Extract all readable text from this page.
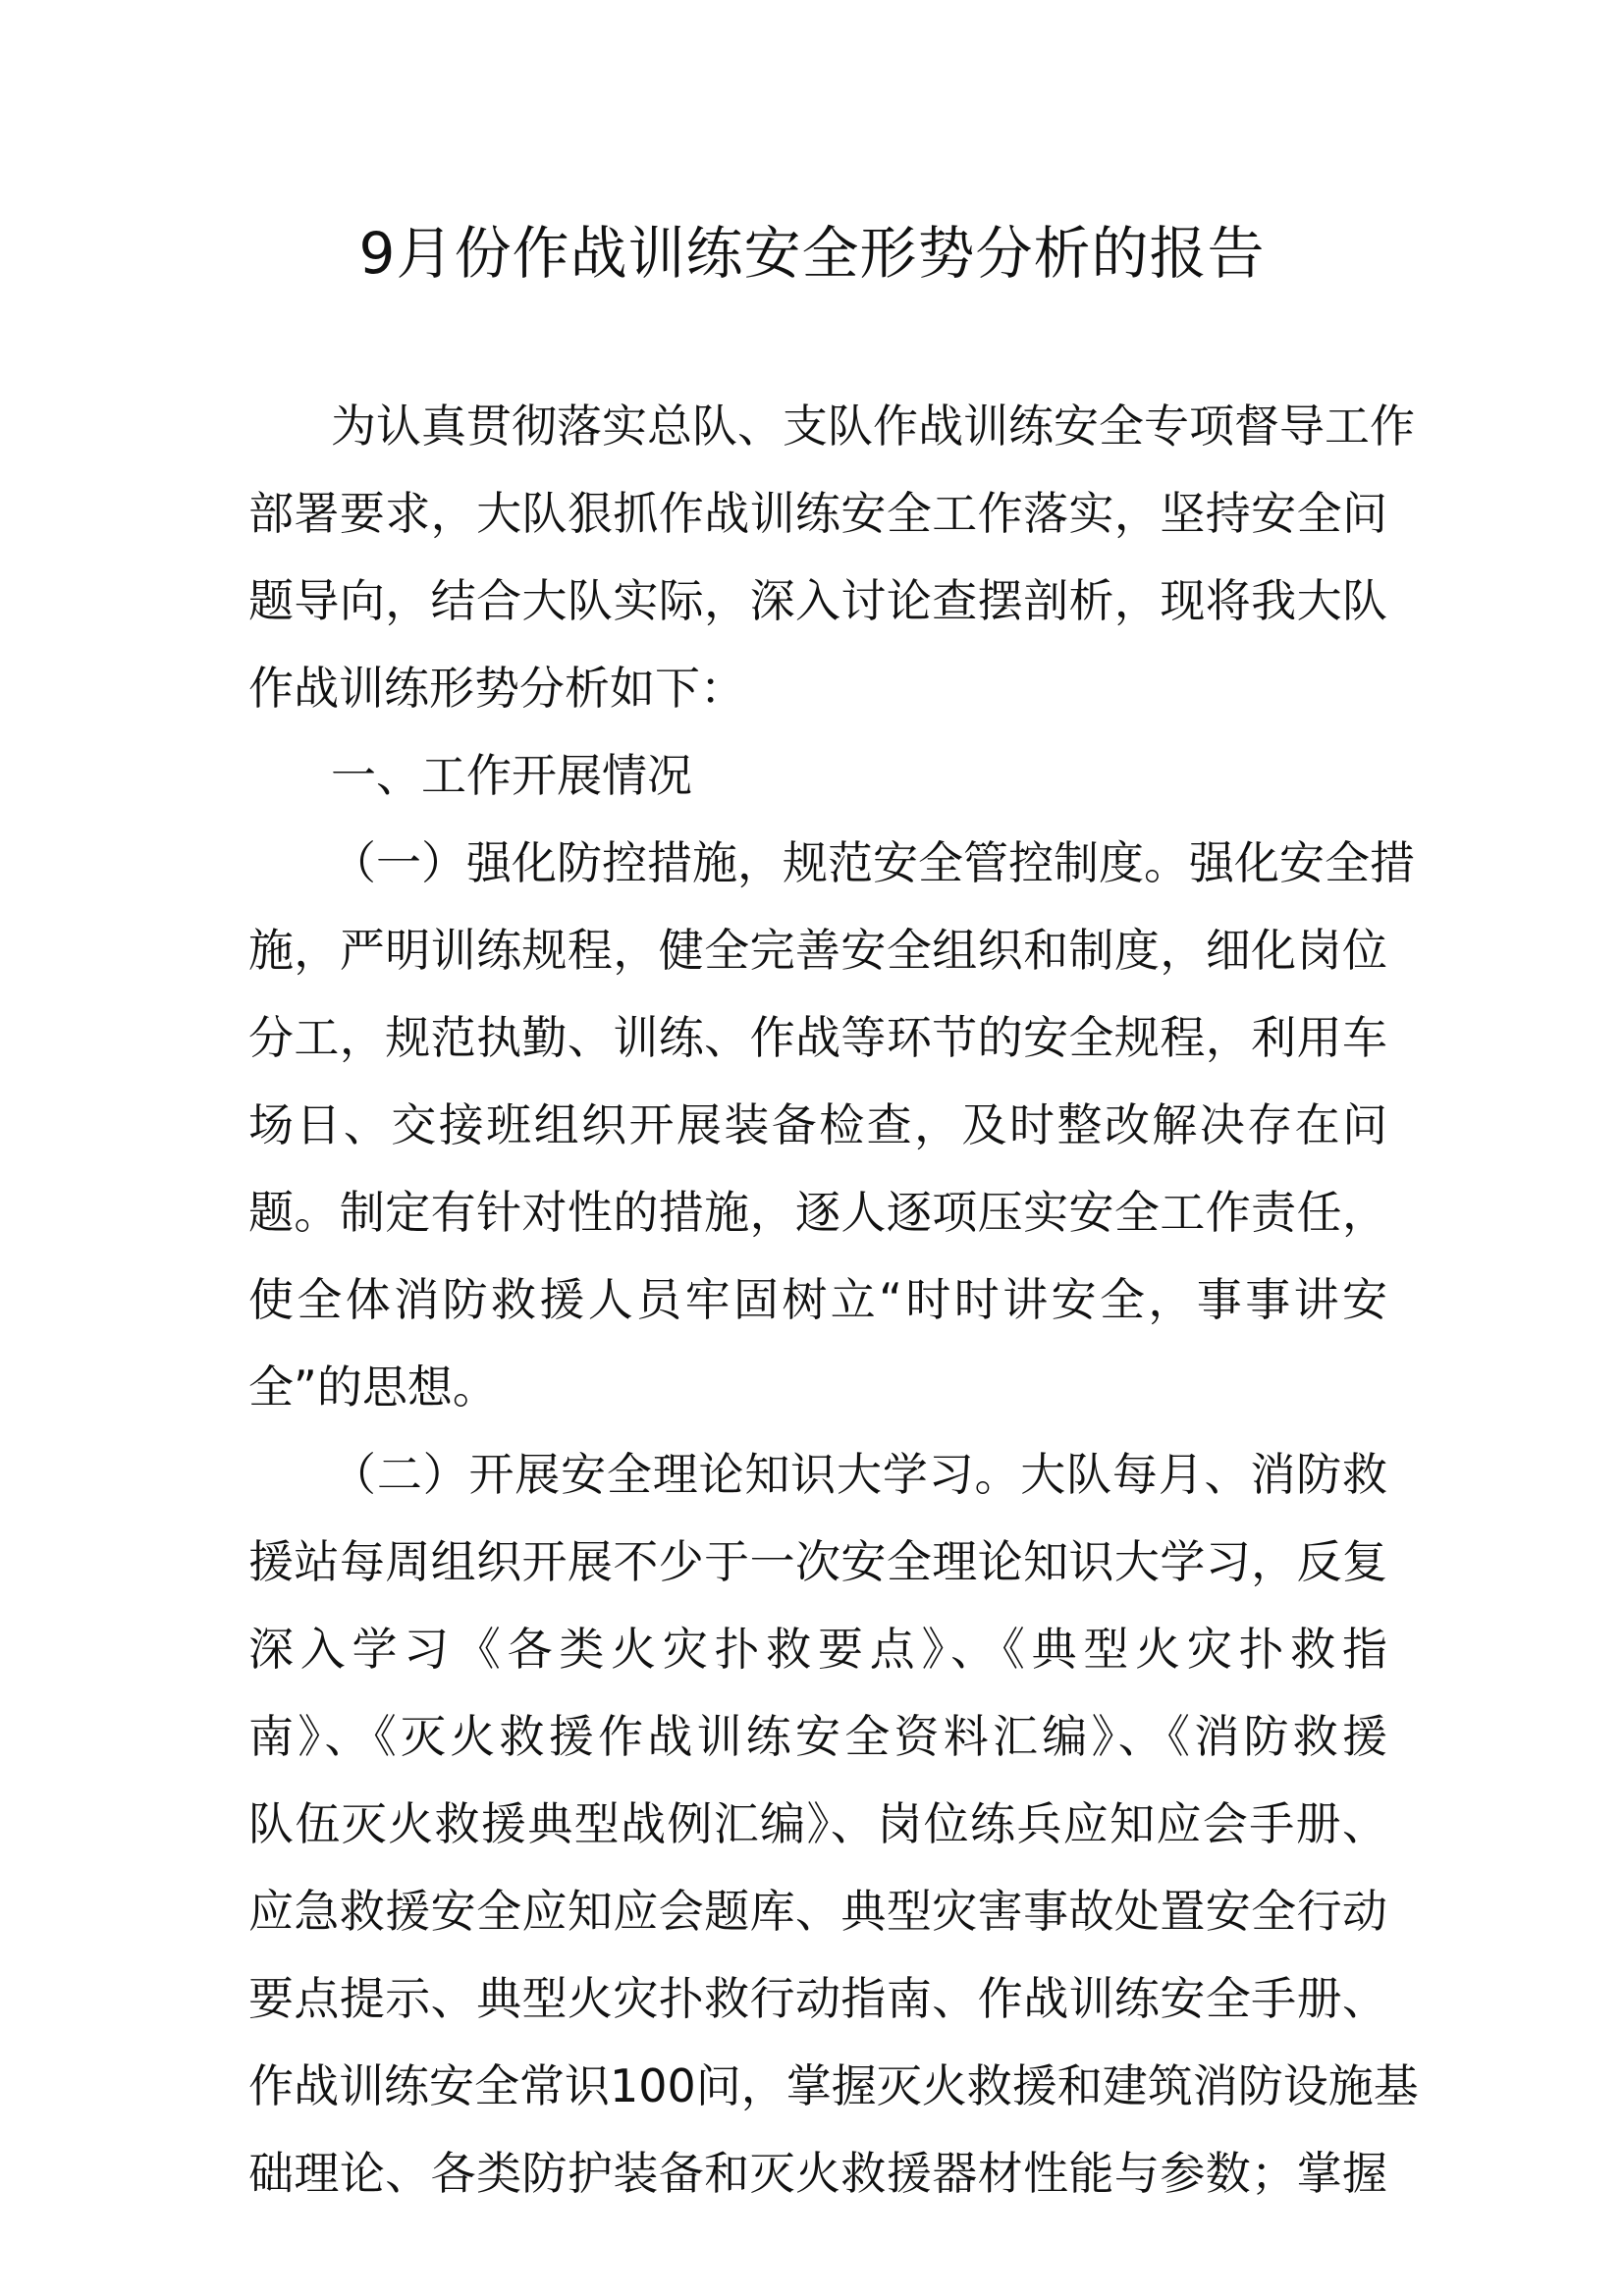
9月份作战训练安全形势分析的报告
为认真贯彻落实总队、支队作战训练安全专项督导工作
部署要求，大队狠抓作战训练安全工作落实，坚持安全问
题导向，结合大队实际，深入讨论查摆剖析，现将我大队
作战训练形势分析如下：
一、工作开展情况
（一）强化防控措施，规范安全管控制度。强化安全措
施，严明训练规程，健全完善安全组织和制度，细化岗位
分工，规范执勤、训练、作战等环节的安全规程，利用车
场日、交接班组织开展装备检查，及时整改解决存在问
题。制定有针对性的措施，逐人逐项压实安全工作责任，
使全体消防救援人员牢固树立“时时讲安全，事事讲安
全”的思想。
（二）开展安全理论知识大学习。大队每月、消防救
援站每周组织开展不少于一次安全理论知识大学习，反复
深入学习《各类火灾扑救要点》、《典型火灾扑救指
南》、《灭火救援作战训练安全资料汇编》、《消防救援
队伍灭火救援典型战例汇编》、岗位练兵应知应会手册、
应急救援安全应知应会题库、典型灾害事故处置安全行动
要点提示、典型火灾扑救行动指南、作战训练安全手册、
作战训练安全常识100问，掌握灭火救援和建筑消防设施基
础理论、各类防护装备和灭火救援器材性能与参数；掌握
